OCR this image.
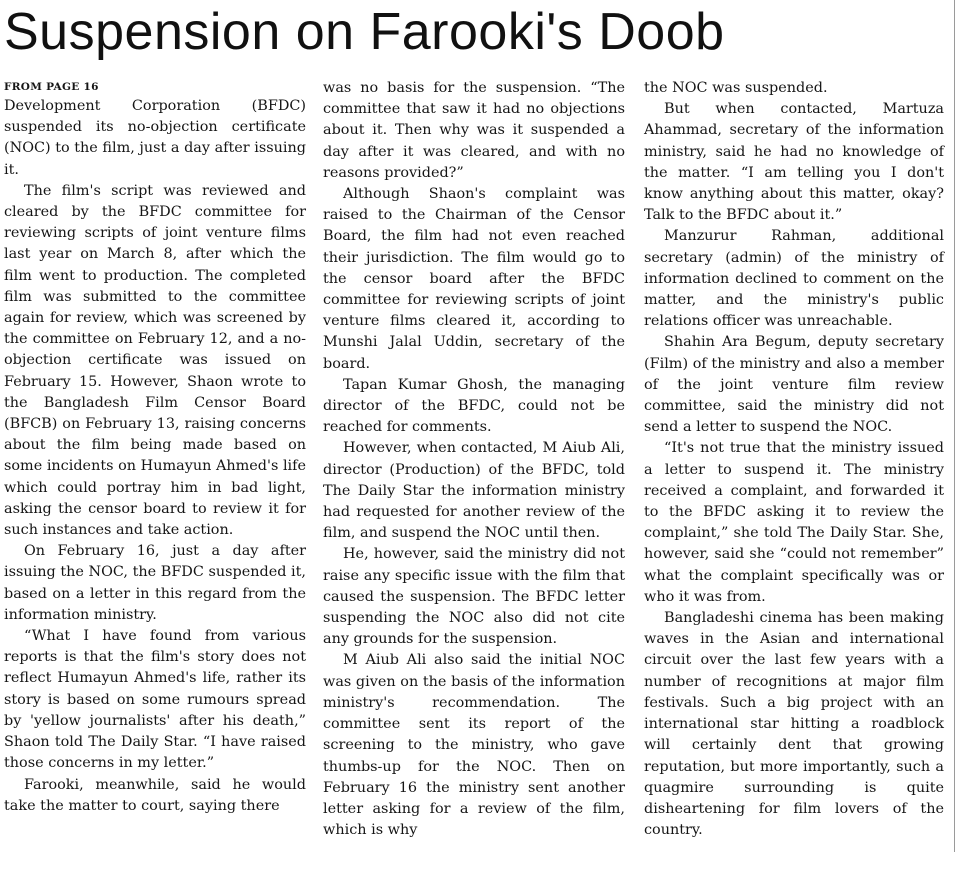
Suspension on Farooki's Doob
FROM PAGE 16

Development Corporation (BFDC) suspended its no-objection certificate (NOC) to the film, just a day after issuing it.

The film's script was reviewed and cleared by the BFDC committee for reviewing scripts of joint venture films last year on March 8, after which the film went to production. The completed film was submitted to the committee again for review, which was screened by the committee on February 12, and a no-objection certificate was issued on February 15. However, Shaon wrote to the Bangladesh Film Censor Board (BFCB) on February 13, raising concerns about the film being made based on some incidents on Humayun Ahmed's life which could portray him in bad light, asking the censor board to review it for such instances and take action.

On February 16, just a day after issuing the NOC, the BFDC suspended it, based on a letter in this regard from the information ministry.

“What I have found from various reports is that the film's story does not reflect Humayun Ahmed's life, rather its story is based on some rumours spread by 'yellow journalists' after his death,” Shaon told The Daily Star. “I have raised those concerns in my letter.”

Farooki, meanwhile, said he would take the matter to court, saying there

was no basis for the suspension. “The committee that saw it had no objections about it. Then why was it suspended a day after it was cleared, and with no reasons provided?”

Although Shaon's complaint was raised to the Chairman of the Censor Board, the film had not even reached their jurisdiction. The film would go to the censor board after the BFDC committee for reviewing scripts of joint venture films cleared it, according to Munshi Jalal Uddin, secretary of the board.

Tapan Kumar Ghosh, the managing director of the BFDC, could not be reached for comments.

However, when contacted, M Aiub Ali, director (Production) of the BFDC, told The Daily Star the information ministry had requested for another review of the film, and suspend the NOC until then.

He, however, said the ministry did not raise any specific issue with the film that caused the suspension. The BFDC letter suspending the NOC also did not cite any grounds for the suspension.

M Aiub Ali also said the initial NOC was given on the basis of the information ministry's recommendation. The committee sent its report of the screening to the ministry, who gave thumbs-up for the NOC. Then on February 16 the ministry sent another letter asking for a review of the film, which is why

the NOC was suspended.

But when contacted, Martuza Ahammad, secretary of the information ministry, said he had no knowledge of the matter. “I am telling you I don't know anything about this matter, okay? Talk to the BFDC about it.”

Manzurur Rahman, additional secretary (admin) of the ministry of information declined to comment on the matter, and the ministry's public relations officer was unreachable.

Shahin Ara Begum, deputy secretary (Film) of the ministry and also a member of the joint venture film review committee, said the ministry did not send a letter to suspend the NOC.

“It's not true that the ministry issued a letter to suspend it. The ministry received a complaint, and forwarded it to the BFDC asking it to review the complaint,” she told The Daily Star. She, however, said she “could not remember” what the complaint specifically was or who it was from.

Bangladeshi cinema has been making waves in the Asian and international circuit over the last few years with a number of recognitions at major film festivals. Such a big project with an international star hitting a roadblock will certainly dent that growing reputation, but more importantly, such a quagmire surrounding is quite disheartening for film lovers of the country.
